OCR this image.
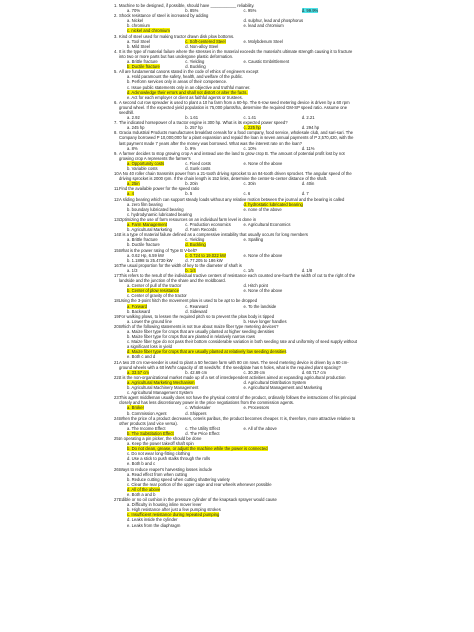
1. Machine to be designed, if possible, should have ___________ reliability.
a. 70%	b. 85%	c. 95%	d. 99.9%
2. Shock resistance of steel is increased by adding
a. Nickel	d. sulphur, lead and phosphorus
b. chromium	e. lead and chromium
c. nickel and chromium
3. Kind of steel used for making tractor drawn disk plow bottoms.
a. Tool Steel	c. Soft-centered Steel	e. Molybdenum Steel
b. Mild Steel	d. Non-alloy Steel
4. It is the type of material failure where the stresses in the material exceeds the material's ultimate strength causing it to fracture into two or more parts but has undergone plastic deformation.
a. Brittle fracture	c. Yielding	e. Caustic Embrittlement
b. Ductile fracture	d. Buckling
5. All are fundamental canons stated in the code of ethics of engineers except
a. Hold paramount the safety, health, and welfare of the public.
b. Perform services only in areas of their competence.
c. Issue public statements only in an objective and truthful manner.
d. Acknowledge their errors and shall not distort or alter the facts.
e. Act for each employer or client as faithful agents or trustees.
6. A second cut row spreader is used to plant a 10 ha farm from a 60-hp. The 6-row seed metering device is driven by a 60 rpm ground wheel. If the expected yield population is 75,000 plants/ha, determine the required GM-SP speed ratio. Assume one seedhill.
a. 2.92	b. 1.61	c. 1.41	d. 2.21
7. The indicated horsepower of a tractor engine is 300 hp. What is its expected power speed?
a. 245 hp	b. 257 hp	c. 225 hp	d. 294 hp
8. Gracia Industrial Products manufactures breakfast cereals for a food company, food service, wholesale club, and sari-sari. The Company borrowed P 10,000,000 for a plant expansion and repaid the loan in seven annual payments of P 2,570,420, with the last payment made 7 years after the money was borrowed. What was the interest rate on the loan?
a. 8%	b. 9%	c. 10%	d. 11%
9. A farmer decides to stop growing crop A and instead use the land to grow crop B. The amount of potential profit lost by not growing crop A represents the farmer's
a. Opportunity costs	c. Fixed costs	e. None of the above
b. Variable costs	d. Sunk costs
10. A No 40 roller chain transmits power from a 21-tooth driving sprocket to an 84-tooth driven sprocket. The angular speed of the driving sprocket is 2000 rpm. If the chain length is 152 links, determine the center-to-center distance of the shaft.
a. 25in	b. 20in	c. 30in	d. 40in
11. Find the available power for the speed ratio
a. 4	b. 5	c. 6	d. 7
12. A sliding bearing which can support steady loads without any relative motion between the journal and the bearing is called
a. zero film bearing	d. hydrostatic lubricated bearing
b. boundary lubricated bearing	e. none of the above
c. hydrodynamic lubricated bearing
13. Optimizing the use of farm resources on an individual farm level is done in
a. Farm Management	c. Production economics	e. Agricultural Economics
b. Agricultural Marketing	d. Farm Records
14. It is a type of material failure defined as a compressive instability that usually occurs for long members
a. Brittle fracture	c. Yielding	e. Spalling
b. Ductile fracture	d. Buckling
15. What is the power rating of Type B V-belt?
a. 0.62 Hp, 6.59 kW	c. 0.724 to 19.022 kW	e. None of the above
b. 1.1898 to 25.4730 kW	d. 77.205 to 186 kW
16. The usual proportion for the width of key to the diameter of shaft is
a. 1/3	b. 1/4	c. 1/5	d. 1/8
17. This refers to the result of the individual tractive centers of resistance each counted one-fourth the width of cut to the right of the landside and the junction of the share and the moldboard.
a. Center of pull of the tractor	d. Hitch point
b. Center of plow resistance	e. None of the above
c. Center of gravity of the tractor
18. Using the 3-point hitch the movement plow is used to be apt to be dropped
a. Forward	c. Rearward	e. To the landside
b. Backward	d. Sideward
19. For walking plows, to lessen the required pitch so to prevent the plow body is tipped
a. Lower the ground line	b. Have longer handles
20. Which of the following statements is not true about maize fiber type metering devices?
a. Maize fiber type for crops that are usually planted at higher seeding densities
b. Maize fiber type for crops that are planted in relatively narrow rows
c. Maize fiber type do not pass their bottom considerable variation in both seeding rate and uniformity of seed supply without a significant loss in yield
d. Maize fiber type for crops that are usually planted at relatively low seeding densities
e. Both c and d
21. A two 20 cm row-seeder is used to plant a 50 hectare farm with 80 cm rows. The seed metering device is driven by a 60 cm-ground wheels with a 60 kW/hr capacity of 40 seeds/hr. If the seedplate has 6 holes, what is the required plant spacing?
a. 33.57 cm	b. 42.69 cm	c. 30.39 cm	d. 60.717 cm
22. It is the non-organizational market made up of a set of interdependent activities aimed at expanding agricultural production
a. Agricultural Marketing Mechanism	d. Agricultural Distribution System
b. Agricultural Machinery Management	e. Agricultural Management and Marketing
c. Agricultural Management System
23. This agent middleman usually does not have the physical control of the product, ordinarily follows the instructions of his principal closely and has less discretionary power in the price negotiations from the commission agents.
a. Broker	c. Wholesaler	e. Processors
b. Commission Agent	d. Shippers
24. When the price of a product decreases, ceteris paribus, the product becomes cheaper. It is, therefore, more attractive relative to other products (and vice versa).
a. The Income Effect	c. The Utility Effect	e. All of the above
b. The Substitution Effect	d. The Price Effect
25. In operating a pin picker, the should be done
a. Keep the power takeoff shaft spin
b. Do not clean, grease, or adjust the machine while the power is connected
c. Do not wear long-fitting clothing
d. Use a stick to push stalks through the rolls
e. Both b and c
26. Ways to reduce reaper's harvesting losses include
a. Read effect from when cutting
b. Reduce cutting speed when cutting shattering variety
c. Clear the rear portion of the upper cage and rear wheels whenever possible
d. All of the above
e. Both a and b
27. Edible or no oil cushion in the pressure cylinder of the knapsack sprayer would cause
a. Difficulty in housing inline mover lever
b. High resistance after just a few pumping strokes
c. Insufficient resistance during repeated pumping
d. Leaks inside the cylinder
e. Leaks from the diaphragm
